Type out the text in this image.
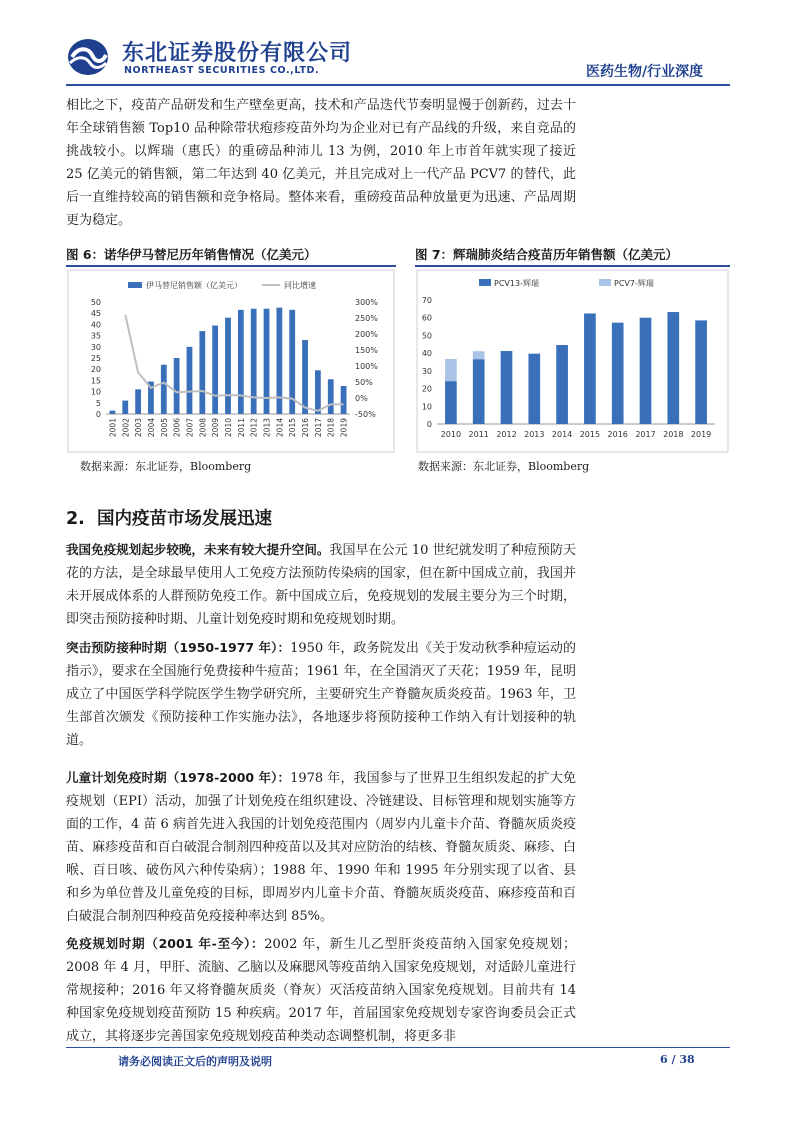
东北证券股份有限公司
NORTHEAST SECURITIES CO.,LTD.	医药生物/行业深度
相比之下，疫苗产品研发和生产壁垒更高，技术和产品迭代节奏明显慢于创新药，过去十年全球销售额 Top10 品种除带状疱疹疫苗外均为企业对已有产品线的升级，来自竞品的挑战较小。以辉瑞（惠氏）的重磅品种沛儿 13 为例，2010 年上市首年就实现了接近 25 亿美元的销售额，第二年达到 40 亿美元，并且完成对上一代产品 PCV7 的替代，此后一直维持较高的销售额和竞争格局。整体来看，重磅疫苗品种放量更为迅速、产品周期更为稳定。
图 6：诺华伊马替尼历年销售情况（亿美元）
伊马替尼销售额（亿美元）	同比增速
0
5
10
15
20
25
30
35
40
45
50
-50%
0%
50%
100%
150%
200%
250%
300%
2001 2002 2003 2004 2005 2006 2007 2008 2009 2010 2011 2012 2013 2014 2015 2016 2017 2018 2019
数据来源：东北证券，Bloomberg
图 7：辉瑞肺炎结合疫苗历年销售额（亿美元）
PCV13-辉瑞	PCV7-辉瑞
0
10
20
30
40
50
60
70
2010 2011 2012 2013 2014 2015 2016 2017 2018 2019
数据来源：东北证券，Bloomberg
2. 国内疫苗市场发展迅速
我国免疫规划起步较晚，未来有较大提升空间。我国早在公元 10 世纪就发明了种痘预防天花的方法，是全球最早使用人工免疫方法预防传染病的国家，但在新中国成立前，我国并未开展成体系的人群预防免疫工作。新中国成立后，免疫规划的发展主要分为三个时期，即突击预防接种时期、儿童计划免疫时期和免疫规划时期。
突击预防接种时期（1950-1977 年）：1950 年，政务院发出《关于发动秋季种痘运动的指示》，要求在全国施行免费接种牛痘苗；1961 年，在全国消灭了天花；1959 年，昆明成立了中国医学科学院医学生物学研究所，主要研究生产脊髓灰质炎疫苗。1963 年，卫生部首次颁发《预防接种工作实施办法》，各地逐步将预防接种工作纳入有计划接种的轨道。
儿童计划免疫时期（1978-2000 年）：1978 年，我国参与了世界卫生组织发起的扩大免疫规划（EPI）活动，加强了计划免疫在组织建设、冷链建设、目标管理和规划实施等方面的工作，4 苗 6 病首先进入我国的计划免疫范围内（周岁内儿童卡介苗、脊髓灰质炎疫苗、麻疹疫苗和百白破混合制剂四种疫苗以及其对应防治的结核、脊髓灰质炎、麻疹、白喉、百日咳、破伤风六种传染病）；1988 年、1990 年和 1995 年分别实现了以省、县和乡为单位普及儿童免疫的目标，即周岁内儿童卡介苗、脊髓灰质炎疫苗、麻疹疫苗和百白破混合制剂四种疫苗免疫接种率达到 85%。
免疫规划时期（2001 年-至今）：2002 年，新生儿乙型肝炎疫苗纳入国家免疫规划；2008 年 4 月，甲肝、流脑、乙脑以及麻腮风等疫苗纳入国家免疫规划，对适龄儿童进行常规接种；2016 年又将脊髓灰质炎（脊灰）灭活疫苗纳入国家免疫规划。目前共有 14 种国家免疫规划疫苗预防 15 种疾病。2017 年，首届国家免疫规划专家咨询委员会正式成立，其将逐步完善国家免疫规划疫苗种类动态调整机制，将更多非
请务必阅读正文后的声明及说明	6 / 38
